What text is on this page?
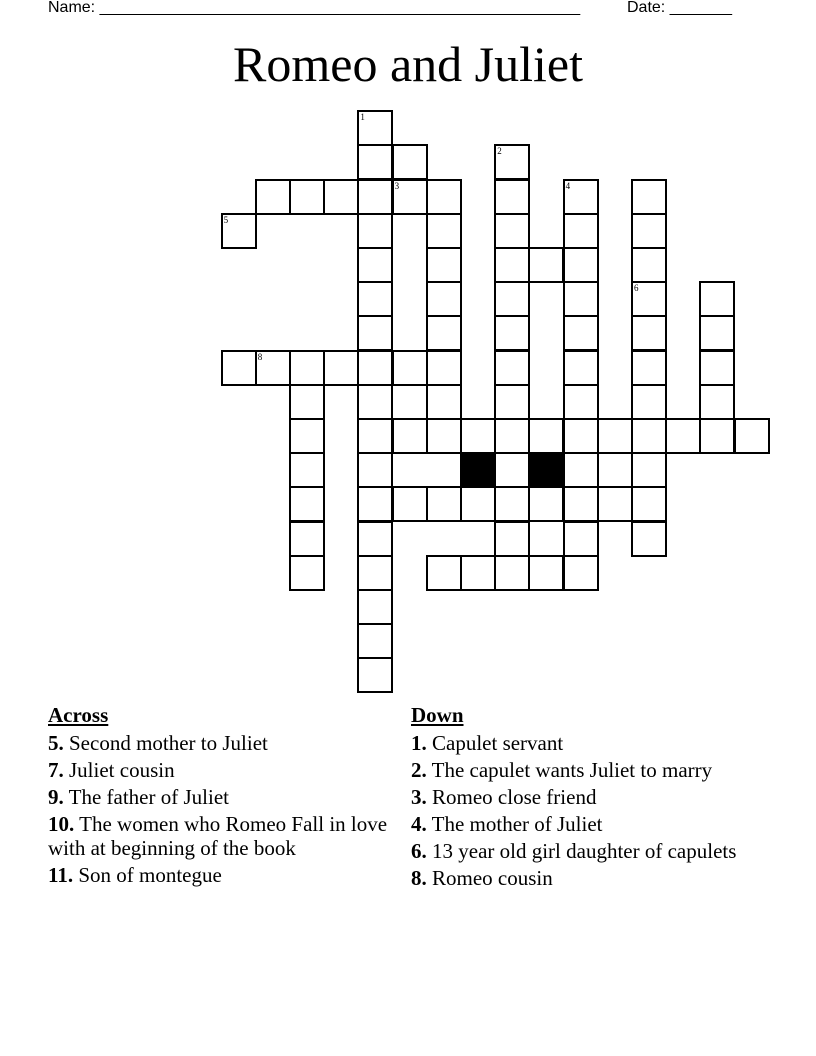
Name: ______________________________________________________	Date: _______
Romeo and Juliet
1
5
2
4
6
3
8
Across
5. Second mother to Juliet
7. Juliet cousin
9. The father of Juliet
10. The women who Romeo Fall in love with at beginning of the book
11. Son of montegue
Down
1. Capulet servant
2. The capulet wants Juliet to marry
3. Romeo close friend
4. The mother of Juliet
6. 13 year old girl daughter of capulets
8. Romeo cousin
